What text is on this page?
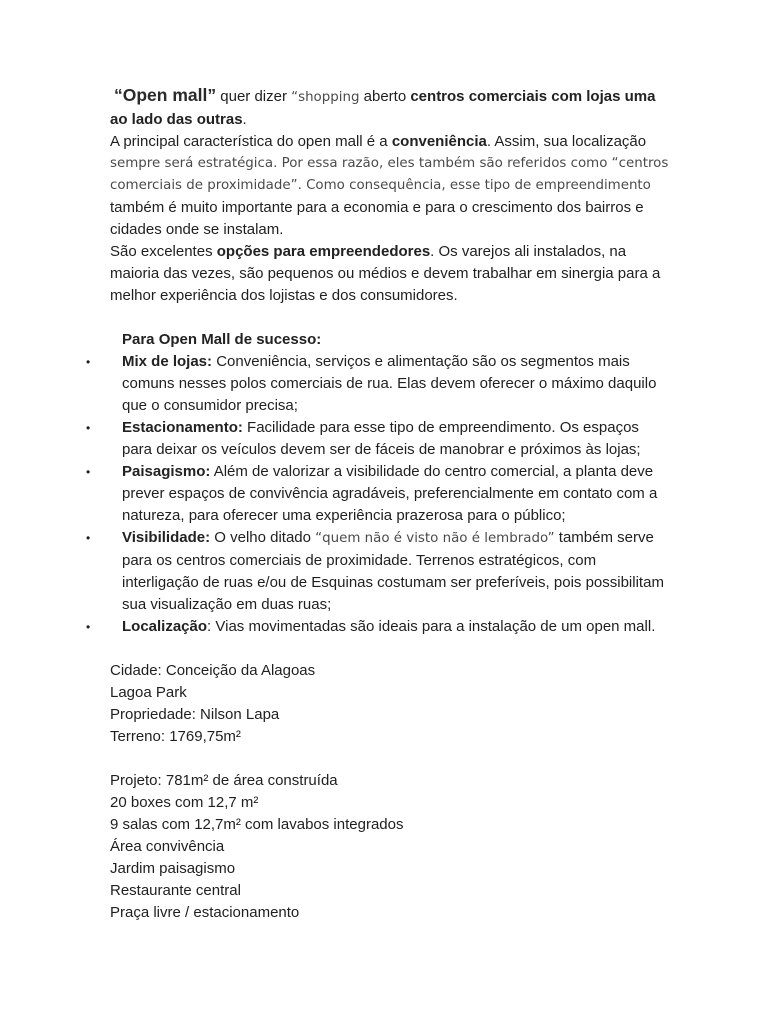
“Open mall” quer dizer “shopping aberto centros comerciais com lojas uma
ao lado das outras.
A principal característica do open mall é a conveniência. Assim, sua localização
sempre será estratégica. Por essa razão, eles também são referidos como “centros
comerciais de proximidade”. Como consequência, esse tipo de empreendimento
também é muito importante para a economia e para o crescimento dos bairros e
cidades onde se instalam.
São excelentes opções para empreendedores. Os varejos ali instalados, na
maioria das vezes, são pequenos ou médios e devem trabalhar em sinergia para a
melhor experiência dos lojistas e dos consumidores.
Para Open Mall de sucesso:
•	Mix de lojas: Conveniência, serviços e alimentação são os segmentos mais
comuns nesses polos comerciais de rua. Elas devem oferecer o máximo daquilo
que o consumidor precisa;
•	Estacionamento: Facilidade para esse tipo de empreendimento. Os espaços
para deixar os veículos devem ser de fáceis de manobrar e próximos às lojas;
•	Paisagismo: Além de valorizar a visibilidade do centro comercial, a planta deve
prever espaços de convivência agradáveis, preferencialmente em contato com a
natureza, para oferecer uma experiência prazerosa para o público;
•	Visibilidade: O velho ditado “quem não é visto não é lembrado” também serve
para os centros comerciais de proximidade. Terrenos estratégicos, com
interligação de ruas e/ou de Esquinas costumam ser preferíveis, pois possibilitam
sua visualização em duas ruas;
•	Localização: Vias movimentadas são ideais para a instalação de um open mall.
Cidade: Conceição da Alagoas
Lagoa Park
Propriedade: Nilson Lapa
Terreno: 1769,75m²
Projeto: 781m² de área construída
20 boxes com 12,7 m²
9 salas com 12,7m² com lavabos integrados
Área convivência
Jardim paisagismo
Restaurante central
Praça livre / estacionamento
